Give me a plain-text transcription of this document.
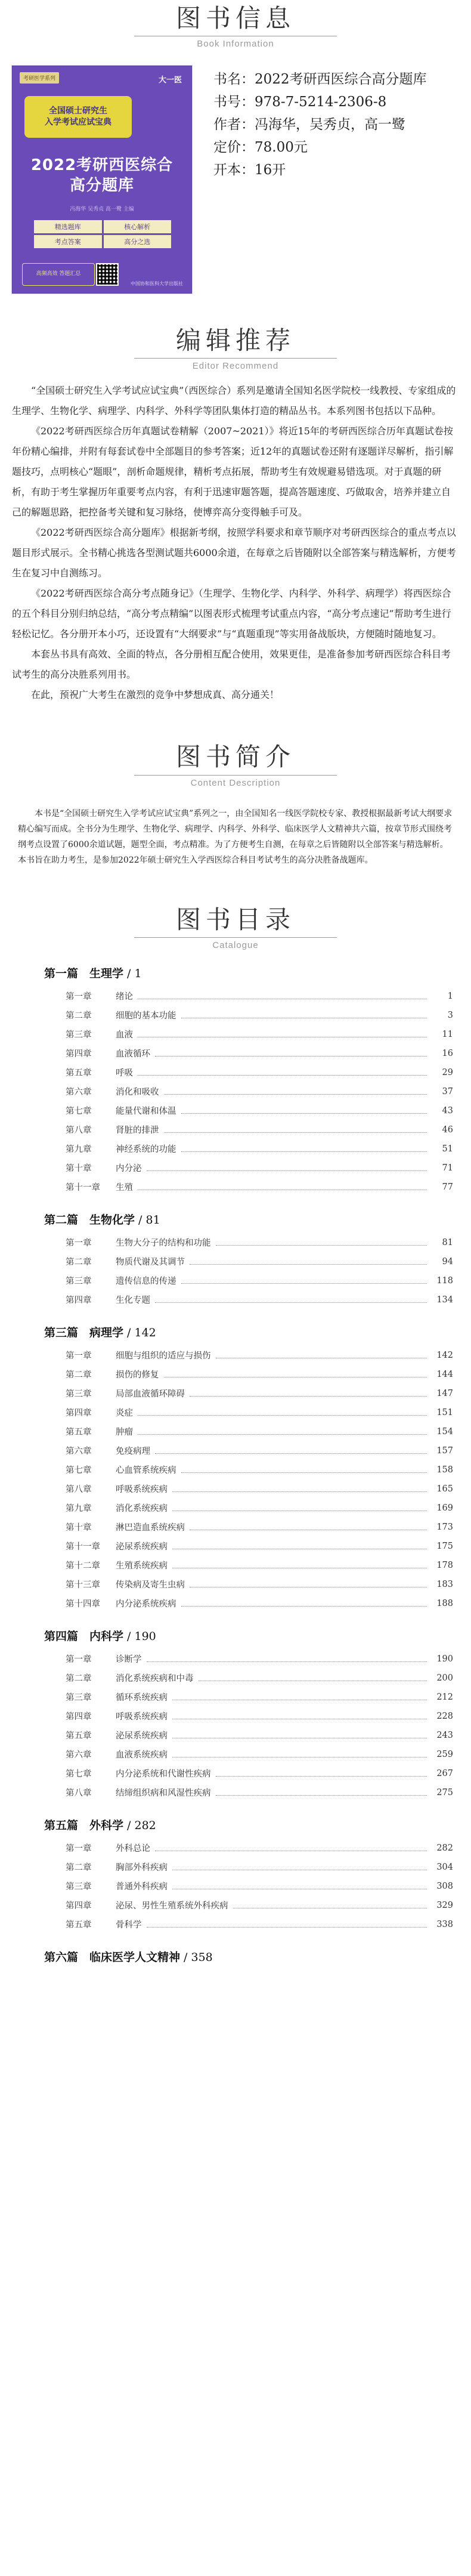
图书信息
Book Information
考研医学系列	大一医
全国硕士研究生
入学考试应试宝典
2022考研西医综合
高分题库
冯海华 吴秀贞 高一鹭 主编
精选题库	核心解析
考点答案	高分之选
高频高效 答题汇总
中国协和医科大学出版社
书名：2022考研西医综合高分题库
书号：978-7-5214-2306-8
作者：冯海华，吴秀贞，高一鹭
定价：78.00元
开本：16开
编辑推荐
Editor Recommend

“全国硕士研究生入学考试应试宝典”（西医综合）系列是邀请全国知名医学院校一线教授、专家组成的生理学、生物化学、病理学、内科学、外科学等团队集体打造的精品丛书。本系列图书包括以下品种。

《2022考研西医综合历年真题试卷精解（2007~2021）》将近15年的考研西医综合历年真题试卷按年份精心编排，并附有每套试卷中全部题目的参考答案；近12年的真题试卷还附有逐题详尽解析，指引解题技巧，点明核心“题眼”，剖析命题规律，精析考点拓展，帮助考生有效规避易错选项。对于真题的研析，有助于考生掌握历年重要考点内容，有利于迅速审题答题，提高答题速度、巧做取舍，培养并建立自己的解题思路，把控备考关键和复习脉络，使博弈高分变得触手可及。

《2022考研西医综合高分题库》根据新考纲，按照学科要求和章节顺序对考研西医综合的重点考点以题目形式展示。全书精心挑选各型测试题共6000余道，在每章之后皆随附以全部答案与精选解析，方便考生在复习中自测练习。

《2022考研西医综合高分考点随身记》（生理学、生物化学、内科学、外科学、病理学）将西医综合的五个科目分别归纳总结，“高分考点精编”以图表形式梳理考试重点内容，“高分考点速记”帮助考生进行轻松记忆。各分册开本小巧，还设置有“大纲要求”与“真题重现”等实用备战版块，方便随时随地复习。

本套丛书具有高效、全面的特点，各分册相互配合使用，效果更佳，是准备参加考研西医综合科目考试考生的高分决胜系列用书。

在此，预祝广大考生在激烈的竞争中梦想成真、高分通关！

图书简介
Content Description

本书是“全国硕士研究生入学考试应试宝典”系列之一，由全国知名一线医学院校专家、教授根据最新考试大纲要求精心编写而成。全书分为生理学、生物化学、病理学、内科学、外科学、临床医学人文精神共六篇，按章节形式围绕考纲考点设置了6000余道试题，题型全面，考点精准。为了方便考生自测，在每章之后皆随附以全部答案与精选解析。本书旨在助力考生，是参加2022年硕士研究生入学西医综合科目考试考生的高分决胜备战题库。

图书目录
Catalogue
第一篇　生理学 / 1
第一章	绪论	1
第二章	细胞的基本功能	3
第三章	血液	11
第四章	血液循环	16
第五章	呼吸	29
第六章	消化和吸收	37
第七章	能量代谢和体温	43
第八章	肾脏的排泄	46
第九章	神经系统的功能	51
第十章	内分泌	71
第十一章	生殖	77
第二篇　生物化学 / 81
第一章	生物大分子的结构和功能	81
第二章	物质代谢及其调节	94
第三章	遗传信息的传递	118
第四章	生化专题	134
第三篇　病理学 / 142
第一章	细胞与组织的适应与损伤	142
第二章	损伤的修复	144
第三章	局部血液循环障碍	147
第四章	炎症	151
第五章	肿瘤	154
第六章	免疫病理	157
第七章	心血管系统疾病	158
第八章	呼吸系统疾病	165
第九章	消化系统疾病	169
第十章	淋巴造血系统疾病	173
第十一章	泌尿系统疾病	175
第十二章	生殖系统疾病	178
第十三章	传染病及寄生虫病	183
第十四章	内分泌系统疾病	188
第四篇　内科学 / 190
第一章	诊断学	190
第二章	消化系统疾病和中毒	200
第三章	循环系统疾病	212
第四章	呼吸系统疾病	228
第五章	泌尿系统疾病	243
第六章	血液系统疾病	259
第七章	内分泌系统和代谢性疾病	267
第八章	结缔组织病和风湿性疾病	275
第五篇　外科学 / 282
第一章	外科总论	282
第二章	胸部外科疾病	304
第三章	普通外科疾病	308
第四章	泌尿、男性生殖系统外科疾病	329
第五章	骨科学	338
第六篇　临床医学人文精神 / 358
